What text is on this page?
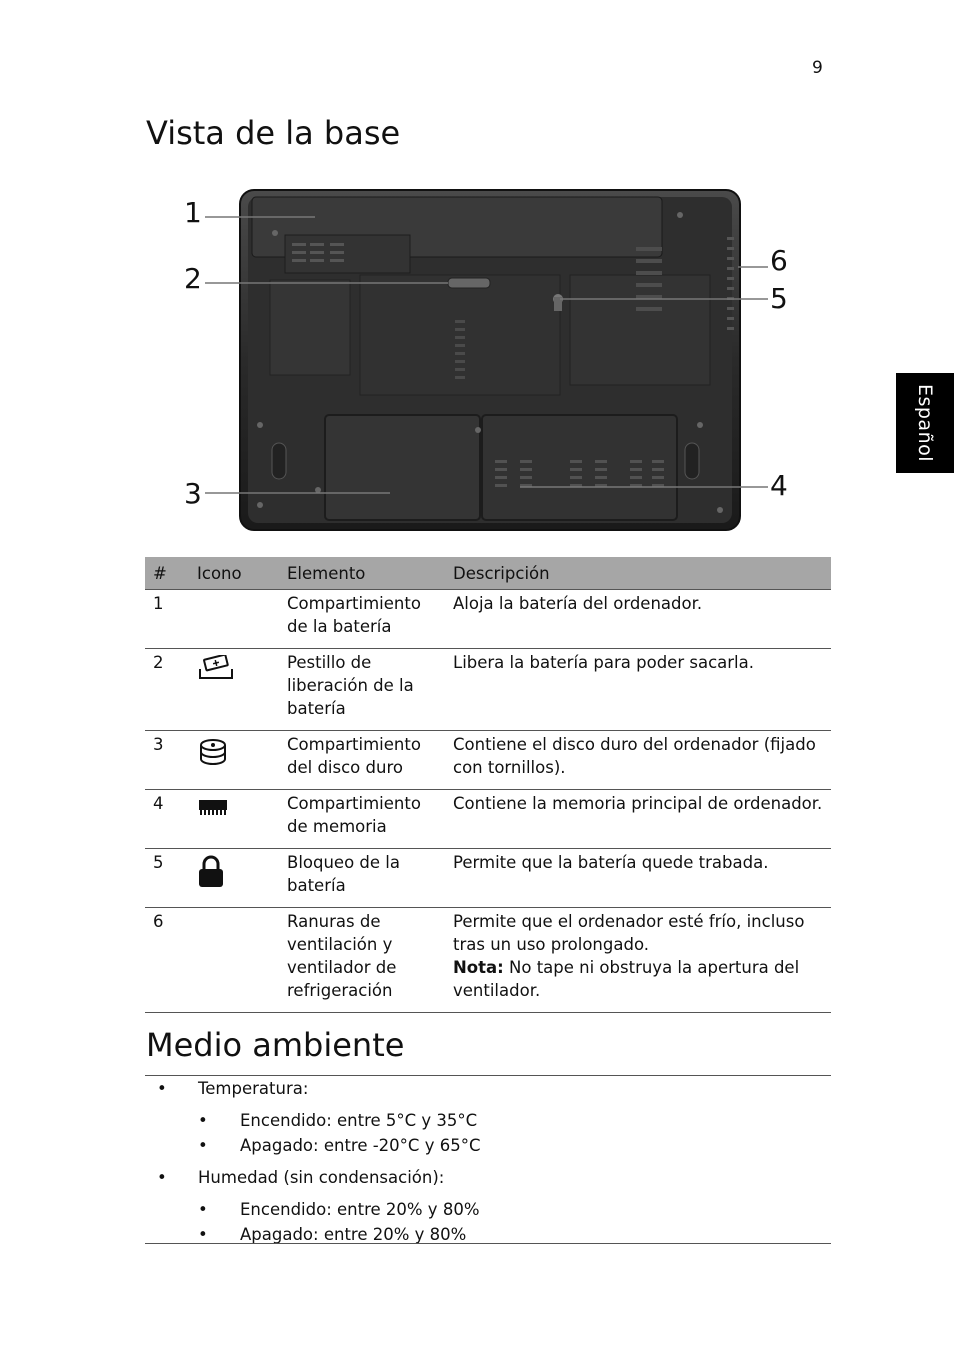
9
Español
Vista de la base
1
2
3	4
5
6
#	Icono	Elemento	Descripción
1		Compartimiento de la batería	Aloja la batería del ordenador.
2		Pestillo de liberación de la batería	Libera la batería para poder sacarla.
3		Compartimiento del disco duro	Contiene el disco duro del ordenador (fijado con tornillos).
4		Compartimiento de memoria	Contiene la memoria principal de ordenador.
5		Bloqueo de la batería	Permite que la batería quede trabada.
6		Ranuras de ventilación y ventilador de refrigeración	Permite que el ordenador esté frío, incluso tras un uso prolongado.
Nota: No tape ni obstruya la apertura del ventilador.
Medio ambiente
• Temperatura:
• Encendido: entre 5°C y 35°C
• Apagado: entre -20°C y 65°C
• Humedad (sin condensación):
• Encendido: entre 20% y 80%
• Apagado: entre 20% y 80%
